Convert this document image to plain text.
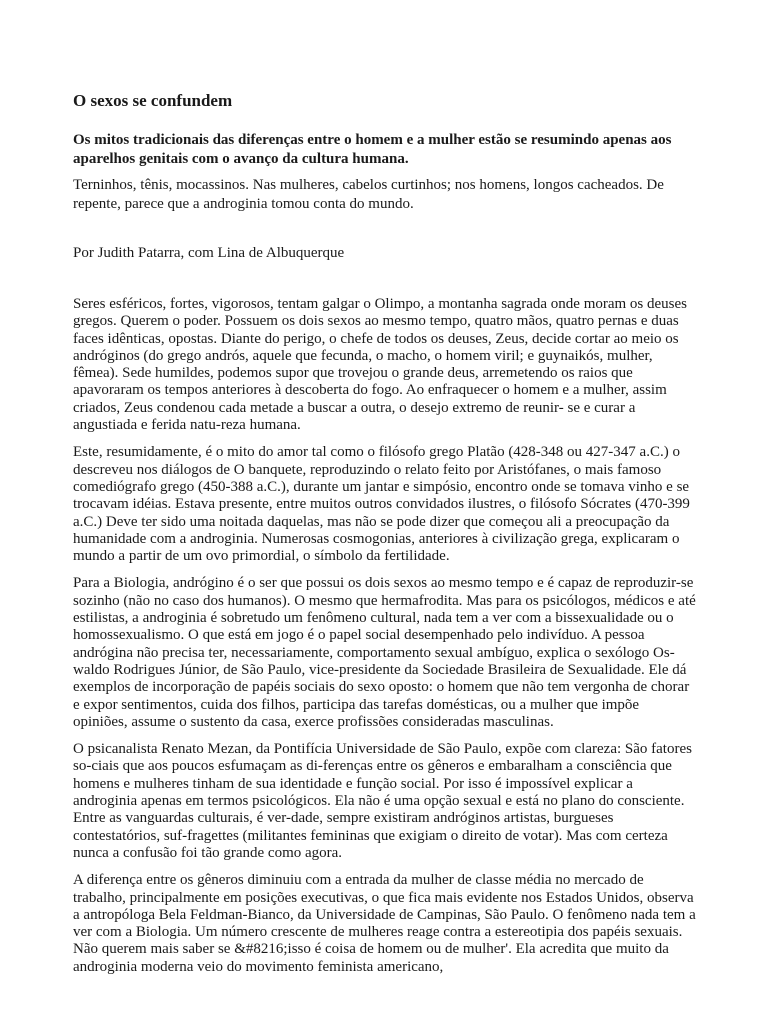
O sexos se confundem

Os mitos tradicionais das diferenças entre o homem e a mulher estão se resumindo apenas aos aparelhos genitais com o avanço da cultura humana.

Terninhos, tênis, mocassinos. Nas mulheres, cabelos curtinhos; nos homens, longos cacheados. De repente, parece que a androginia tomou conta do mundo.

Por Judith Patarra, com Lina de Albuquerque

Seres esféricos, fortes, vigorosos, tentam galgar o Olimpo, a montanha sagrada onde moram os deuses gregos. Querem o poder. Possuem os dois sexos ao mesmo tempo, quatro mãos, quatro pernas e duas faces idênticas, opostas. Diante do perigo, o chefe de todos os deuses, Zeus, decide cortar ao meio os andróginos (do grego andrós, aquele que fecunda, o macho, o homem viril; e guynaikós, mulher, fêmea). Sede humildes, podemos supor que trovejou o grande deus, arremetendo os raios que apavoraram os tempos anteriores à descoberta do fogo. Ao enfraquecer o homem e a mulher, assim criados, Zeus condenou cada metade a buscar a outra, o desejo extremo de reunir- se e curar a angustiada e ferida natu-reza humana.

Este, resumidamente, é o mito do amor tal como o filósofo grego Platão (428-348 ou 427-347 a.C.) o descreveu nos diálogos de O banquete, reproduzindo o relato feito por Aristófanes, o mais famoso comediógrafo grego (450-388 a.C.), durante um jantar e simpósio, encontro onde se tomava vinho e se trocavam idéias. Estava presente, entre muitos outros convidados ilustres, o filósofo Sócrates (470-399 a.C.) Deve ter sido uma noitada daquelas, mas não se pode dizer que começou ali a preocupação da humanidade com a androginia. Numerosas cosmogonias, anteriores à civilização grega, explicaram o mundo a partir de um ovo primordial, o símbolo da fertilidade.

Para a Biologia, andrógino é o ser que possui os dois sexos ao mesmo tempo e é capaz de reproduzir-se sozinho (não no caso dos humanos). O mesmo que hermafrodita. Mas para os psicólogos, médicos e até estilistas, a androginia é sobretudo um fenômeno cultural, nada tem a ver com a bissexualidade ou o homossexualismo. O que está em jogo é o papel social desempenhado pelo indivíduo. A pessoa andrógina não precisa ter, necessariamente, comportamento sexual ambíguo, explica o sexólogo Os-waldo Rodrigues Júnior, de São Paulo, vice-presidente da Sociedade Brasileira de Sexualidade. Ele dá exemplos de incorporação de papéis sociais do sexo oposto: o homem que não tem vergonha de chorar e expor sentimentos, cuida dos filhos, participa das tarefas domésticas, ou a mulher que impõe opiniões, assume o sustento da casa, exerce profissões consideradas masculinas.

O psicanalista Renato Mezan, da Pontifícia Universidade de São Paulo, expõe com clareza: São fatores so-ciais que aos poucos esfumaçam as di-ferenças entre os gêneros e embaralham a consciência que homens e mulheres tinham de sua identidade e função social. Por isso é impossível explicar a androginia apenas em termos psicológicos. Ela não é uma opção sexual e está no plano do consciente. Entre as vanguardas culturais, é ver-dade, sempre existiram andróginos artistas, burgueses contestatórios, suf-fragettes (militantes femininas que exigiam o direito de votar). Mas com certeza nunca a confusão foi tão grande como agora.

A diferença entre os gêneros diminuiu com a entrada da mulher de classe média no mercado de trabalho, principalmente em posições executivas, o que fica mais evidente nos Estados Unidos, observa a antropóloga Bela Feldman-Bianco, da Universidade de Campinas, São Paulo. O fenômeno nada tem a ver com a Biologia. Um número crescente de mulheres reage contra a estereotipia dos papéis sexuais. Não querem mais saber se &#8216;isso é coisa de homem ou de mulher'. Ela acredita que muito da androginia moderna veio do movimento feminista americano,
